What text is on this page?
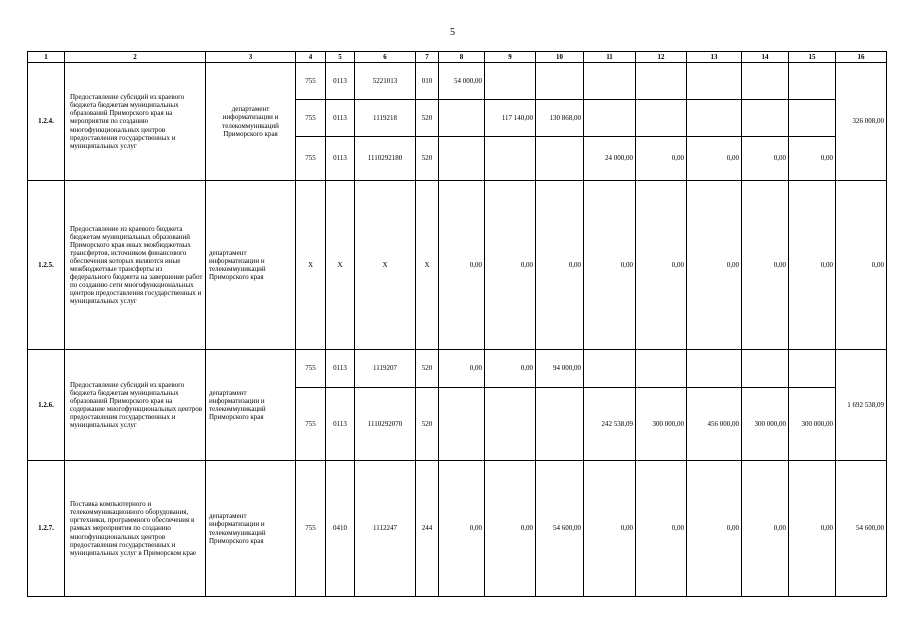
5
1	2	3	4	5	6	7	8	9	10	11	12	13	14	15	16
1.2.4.	Предоставление субсидий из краевого бюджета бюджетам муниципальных образований Приморского края на мероприятия по созданию многофункциональных центров предоставления государственных и муниципальных услуг	департамент информатизации и телекоммуникаций Приморского края	755	0113	5221013	010	54 000,00								326 008,00
			755	0113	1119218	520		117 140,00	130 868,00						
			755	0113	1110292180	520				24 000,00	0,00	0,00	0,00	0,00	
1.2.5.	Предоставление из краевого бюджета бюджетам муниципальных образований Приморского края иных межбюджетных трансфертов, источником финансового обеспечения которых являются иные межбюджетные трансферты из федерального бюджета на завершение работ по созданию сети многофункциональных центров предоставления государственных и муниципальных услуг	департамент информатизации и телекоммуникаций Приморского края	X	X	X	X	0,00	0,00	0,00	0,00	0,00	0,00	0,00	0,00	0,00
1.2.6.	Предоставление субсидий из краевого бюджета бюджетам муниципальных образований Приморского края на содержание многофункциональных центров предоставления государственных и муниципальных услуг	департамент информатизации и телекоммуникаций Приморского края	755	0113	1119207	520	0,00	0,00	94 000,00						1 692 538,09
			755	0113	1110292070	520				242 538,09	300 000,00	456 000,00	300 000,00	300 000,00	
1.2.7.	Поставка компьютерного и телекоммуникационного оборудования, оргтехники, программного обеспечения в рамках мероприятия по созданию многофункциональных центров предоставления государственных и муниципальных услуг в Приморском крае	департамент информатизации и телекоммуникаций Приморского края	755	0410	1112247	244	0,00	0,00	54 600,00	0,00	0,00	0,00	0,00	0,00	54 600,00
